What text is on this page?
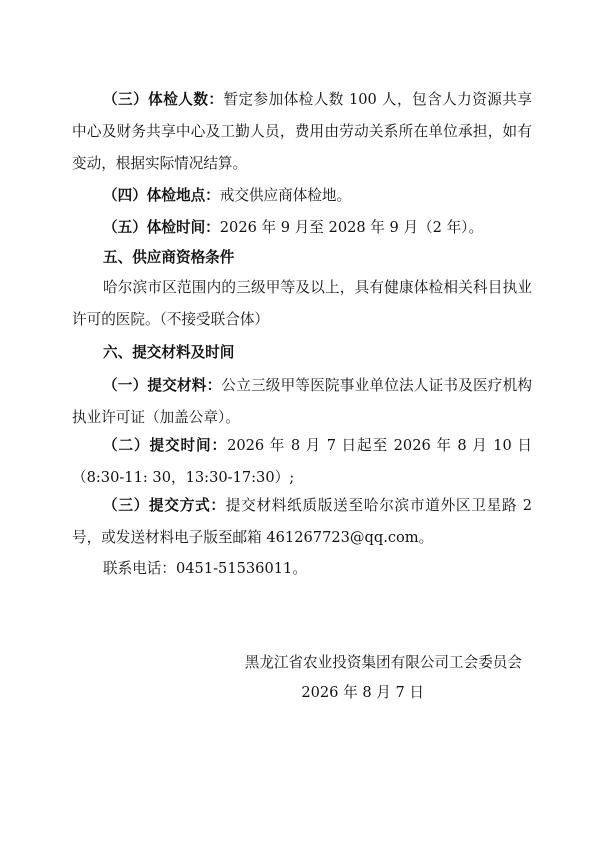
（三）体检人数：暂定参加体检人数 100 人，包含人力资源共享中心及财务共享中心及工勤人员，费用由劳动关系所在单位承担，如有变动，根据实际情况结算。

（四）体检地点：戒交供应商体检地。

（五）体检时间：2026 年 9 月至 2028 年 9 月（2 年）。

五、供应商资格条件

哈尔滨市区范围内的三级甲等及以上，具有健康体检相关科目执业许可的医院。（不接受联合体）

六、提交材料及时间

（一）提交材料：公立三级甲等医院事业单位法人证书及医疗机构执业许可证（加盖公章）。

（二）提交时间：2026 年 8 月 7 日起至 2026 年 8 月 10 日（8:30-11: 30，13:30-17:30）;

（三）提交方式：提交材料纸质版送至哈尔滨市道外区卫星路 2 号，或发送材料电子版至邮箱 461267723@qq.com。

联系电话：0451-51536011。

黑龙江省农业投资集团有限公司工会委员会

2026 年 8 月 7 日
